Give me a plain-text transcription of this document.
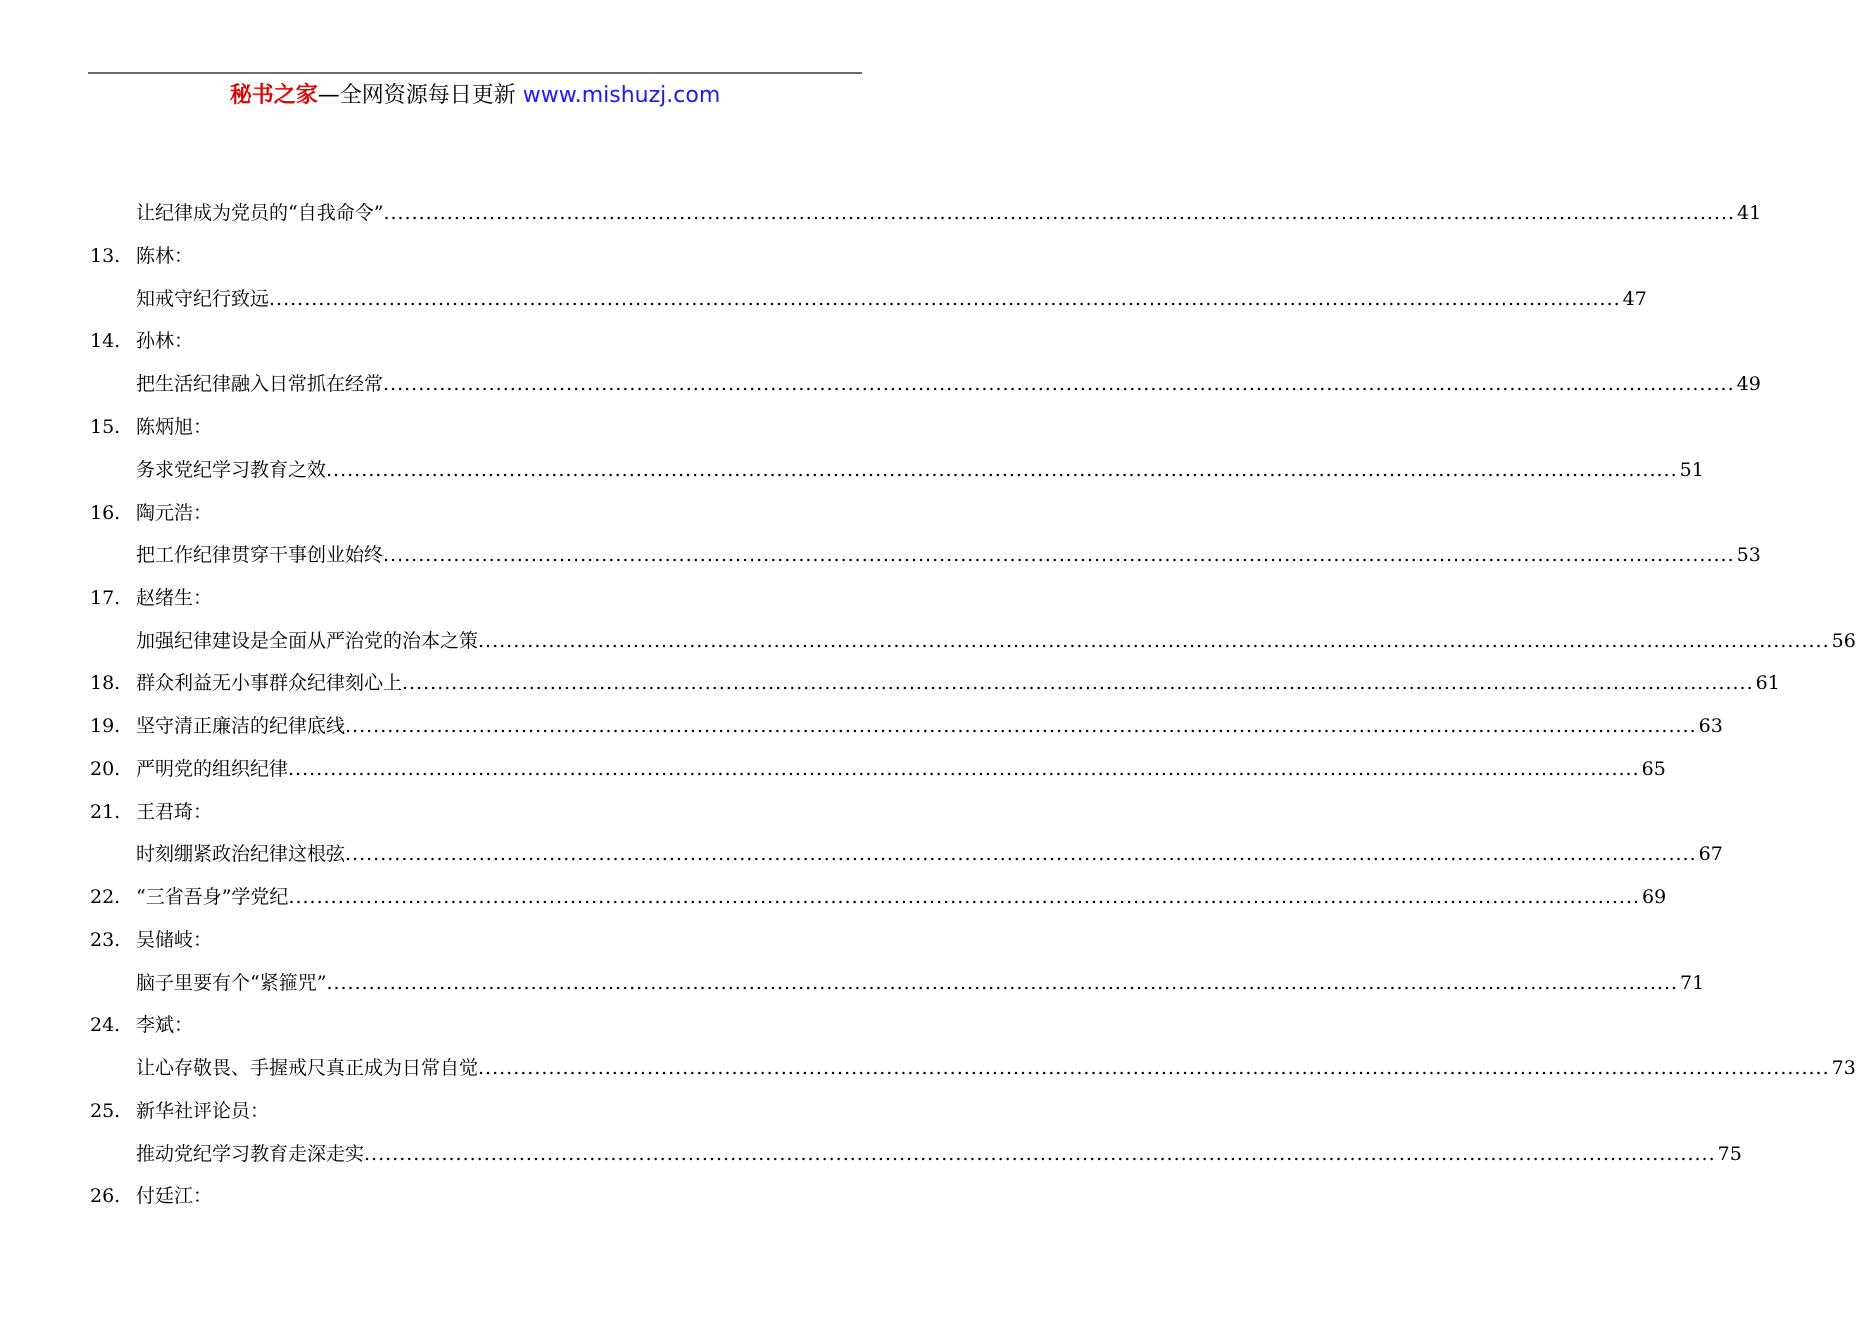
秘书之家—全网资源每日更新 www.mishuzj.com
让纪律成为党员的“自我命令” ................................................................................................................................................................................................ 41
13. 陈林：
知戒守纪行致远 ................................................................................................................................................................................................ 47
14. 孙林：
把生活纪律融入日常抓在经常 ................................................................................................................................................................................................ 49
15. 陈炳旭：
务求党纪学习教育之效 ................................................................................................................................................................................................ 51
16. 陶元浩：
把工作纪律贯穿干事创业始终 ................................................................................................................................................................................................ 53
17. 赵绪生：
加强纪律建设是全面从严治党的治本之策 ................................................................................................................................................................................................ 56
18. 群众利益无小事群众纪律刻心上 ................................................................................................................................................................................................ 61
19. 坚守清正廉洁的纪律底线 ................................................................................................................................................................................................ 63
20. 严明党的组织纪律 ................................................................................................................................................................................................ 65
21. 王君琦：
时刻绷紧政治纪律这根弦 ................................................................................................................................................................................................ 67
22. “三省吾身”学党纪 ................................................................................................................................................................................................ 69
23. 吴储岐：
脑子里要有个“紧箍咒” ................................................................................................................................................................................................ 71
24. 李斌：
让心存敬畏、手握戒尺真正成为日常自觉 ................................................................................................................................................................................................ 73
25. 新华社评论员：
推动党纪学习教育走深走实 ................................................................................................................................................................................................ 75
26. 付廷江：
